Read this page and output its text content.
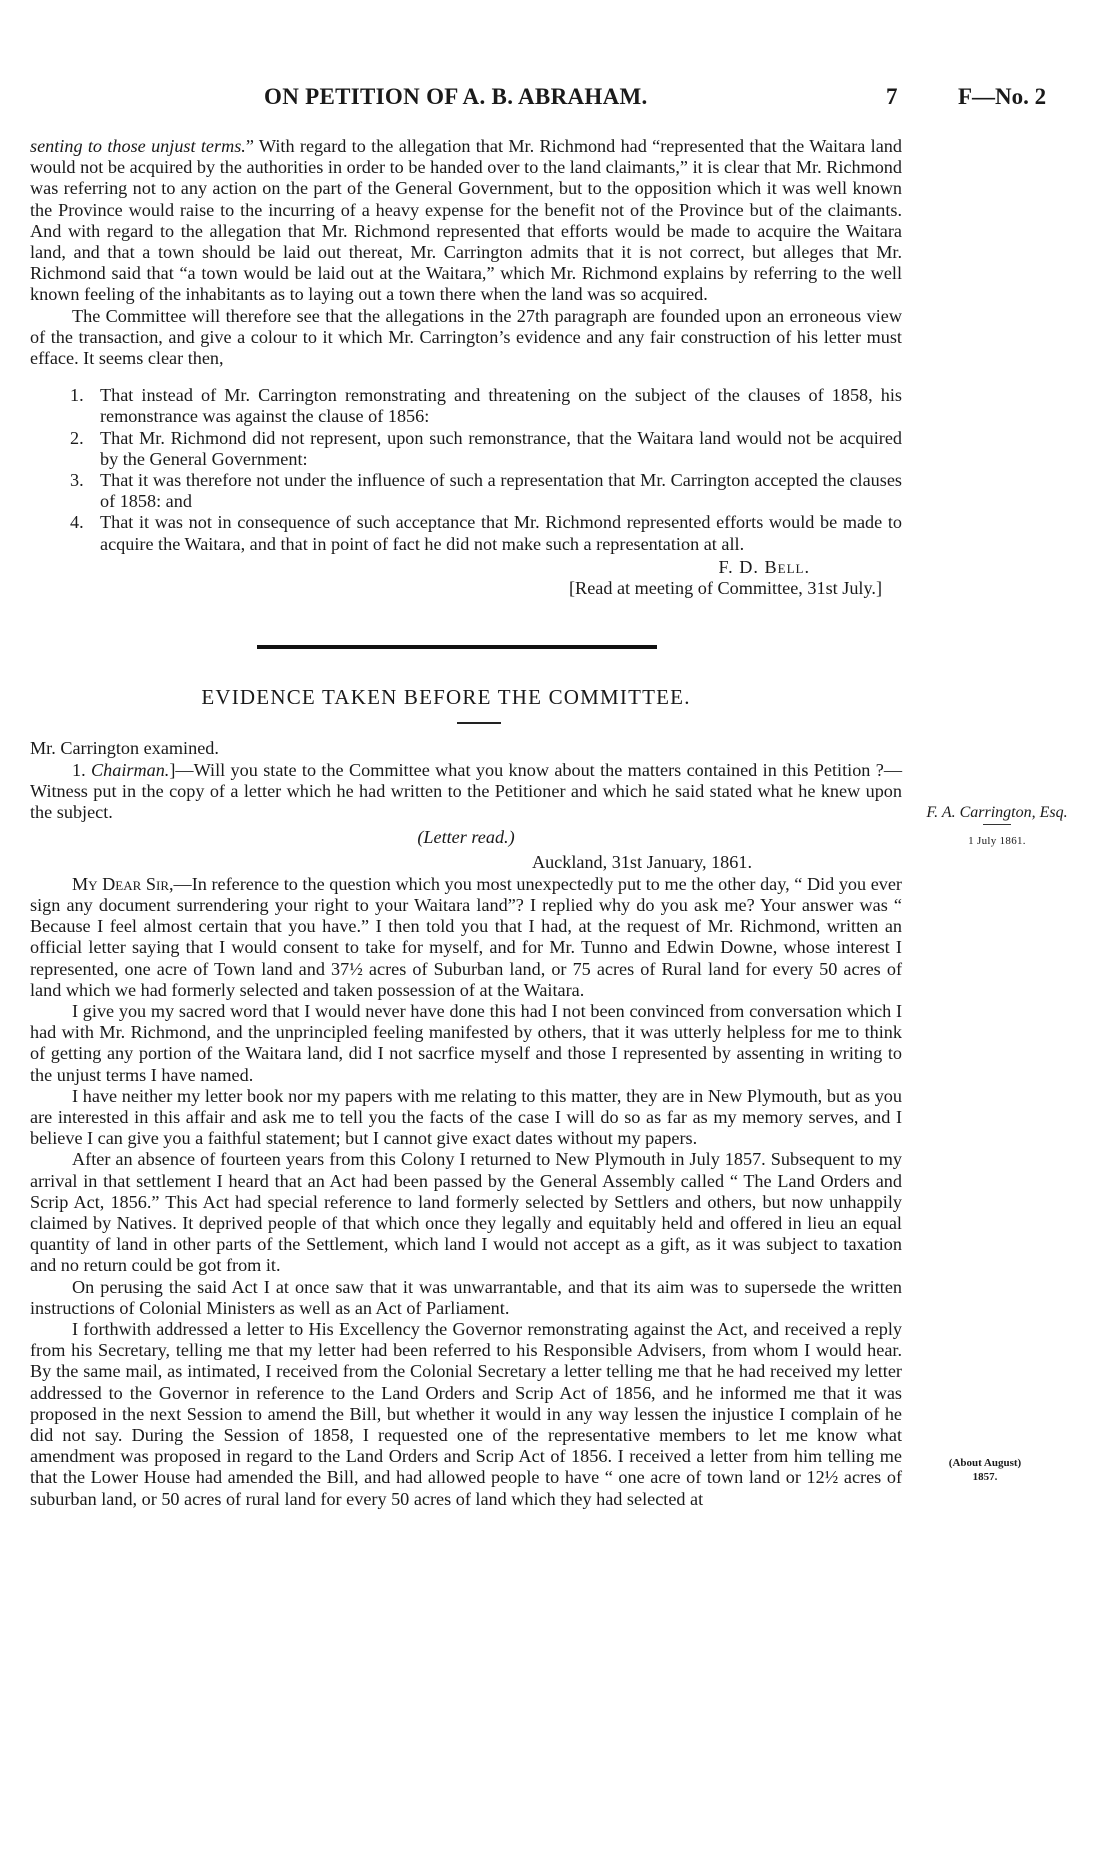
ON PETITION OF A. B. ABRAHAM.	7	F—No. 2

senting to those unjust terms.” With regard to the allegation that Mr. Richmond had “represented that the Waitara land would not be acquired by the authorities in order to be handed over to the land claimants,” it is clear that Mr. Richmond was referring not to any action on the part of the General Government, but to the opposition which it was well known the Province would raise to the incurring of a heavy expense for the benefit not of the Province but of the claimants. And with regard to the allegation that Mr. Richmond represented that efforts would be made to acquire the Waitara land, and that a town should be laid out thereat, Mr. Carrington admits that it is not correct, but alleges that Mr. Richmond said that “a town would be laid out at the Waitara,” which Mr. Richmond explains by referring to the well known feeling of the inhabitants as to laying out a town there when the land was so acquired.

The Committee will therefore see that the allegations in the 27th paragraph are founded upon an erroneous view of the transaction, and give a colour to it which Mr. Carrington’s evidence and any fair construction of his letter must efface. It seems clear then,

1. That instead of Mr. Carrington remonstrating and threatening on the subject of the clauses of 1858, his remonstrance was against the clause of 1856:
2. That Mr. Richmond did not represent, upon such remonstrance, that the Waitara land would not be acquired by the General Government:
3. That it was therefore not under the influence of such a representation that Mr. Carrington accepted the clauses of 1858: and
4. That it was not in consequence of such acceptance that Mr. Richmond represented efforts would be made to acquire the Waitara, and that in point of fact he did not make such a representation at all.
F. D. Bell.
[Read at meeting of Committee, 31st July.]
EVIDENCE TAKEN BEFORE THE COMMITTEE.

Mr. Carrington examined.

1. Chairman.]—Will you state to the Committee what you know about the matters contained in this Petition ?—Witness put in the copy of a letter which he had written to the Petitioner and which he said stated what he knew upon the subject.

(Letter read.)
Auckland, 31st January, 1861.

My Dear Sir,—In reference to the question which you most unexpectedly put to me the other day, “ Did you ever sign any document surrendering your right to your Waitara land”? I replied why do you ask me? Your answer was “ Because I feel almost certain that you have.” I then told you that I had, at the request of Mr. Richmond, written an official letter saying that I would consent to take for myself, and for Mr. Tunno and Edwin Downe, whose interest I represented, one acre of Town land and 37½ acres of Suburban land, or 75 acres of Rural land for every 50 acres of land which we had formerly selected and taken possession of at the Waitara.

I give you my sacred word that I would never have done this had I not been convinced from conversation which I had with Mr. Richmond, and the unprincipled feeling manifested by others, that it was utterly helpless for me to think of getting any portion of the Waitara land, did I not sacrfice myself and those I represented by assenting in writing to the unjust terms I have named.

I have neither my letter book nor my papers with me relating to this matter, they are in New Plymouth, but as you are interested in this affair and ask me to tell you the facts of the case I will do so as far as my memory serves, and I believe I can give you a faithful statement; but I cannot give exact dates without my papers.

After an absence of fourteen years from this Colony I returned to New Plymouth in July 1857. Subsequent to my arrival in that settlement I heard that an Act had been passed by the General Assembly called “ The Land Orders and Scrip Act, 1856.” This Act had special reference to land formerly selected by Settlers and others, but now unhappily claimed by Natives. It deprived people of that which once they legally and equitably held and offered in lieu an equal quantity of land in other parts of the Settlement, which land I would not accept as a gift, as it was subject to taxation and no return could be got from it.

On perusing the said Act I at once saw that it was unwarrantable, and that its aim was to supersede the written instructions of Colonial Ministers as well as an Act of Parliament.

I forthwith addressed a letter to His Excellency the Governor remonstrating against the Act, and received a reply from his Secretary, telling me that my letter had been referred to his Responsible Advisers, from whom I would hear. By the same mail, as intimated, I received from the Colonial Secretary a letter telling me that he had received my letter addressed to the Governor in reference to the Land Orders and Scrip Act of 1856, and he informed me that it was proposed in the next Session to amend the Bill, but whether it would in any way lessen the injustice I complain of he did not say. During the Session of 1858, I requested one of the representative members to let me know what amendment was proposed in regard to the Land Orders and Scrip Act of 1856. I received a letter from him telling me that the Lower House had amended the Bill, and had allowed people to have “ one acre of town land or 12½ acres of suburban land, or 50 acres of rural land for every 50 acres of land which they had selected at

F. A. Carrington, Esq.
1 July 1861.
(About August)
1857.
